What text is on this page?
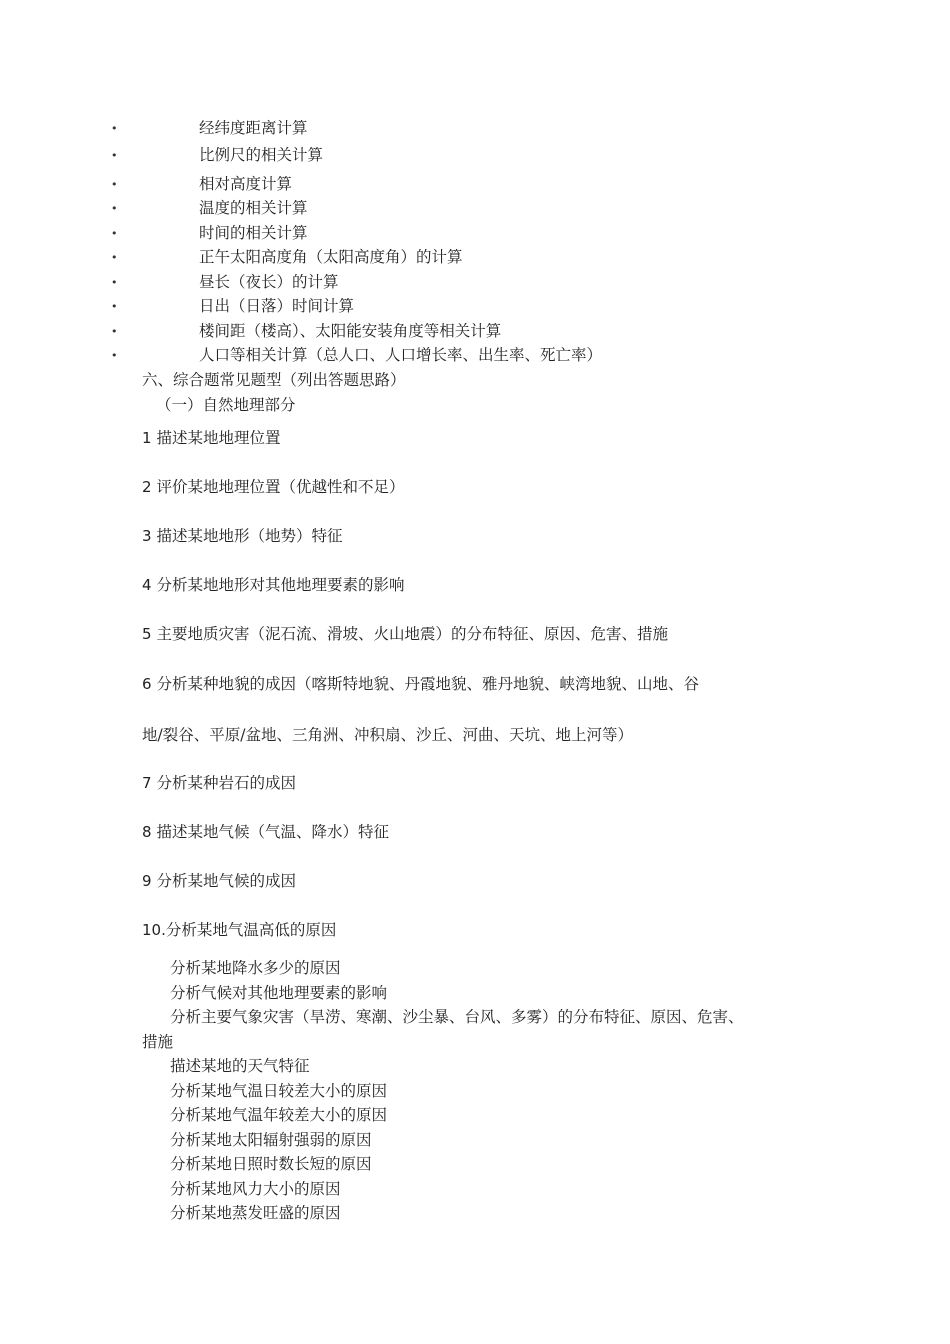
•	经纬度距离计算
•	比例尺的相关计算
•	相对高度计算
•	温度的相关计算
•	时间的相关计算
•	正午太阳高度角（太阳高度角）的计算
•	昼长（夜长）的计算
•	日出（日落）时间计算
•	楼间距（楼高）、太阳能安装角度等相关计算
•	人口等相关计算（总人口、人口增长率、出生率、死亡率）
六、综合题常见题型（列出答题思路）
（一）自然地理部分
1 描述某地地理位置
2 评价某地地理位置（优越性和不足）
3 描述某地地形（地势）特征
4 分析某地地形对其他地理要素的影响
5 主要地质灾害（泥石流、滑坡、火山地震）的分布特征、原因、危害、措施
6 分析某种地貌的成因（喀斯特地貌、丹霞地貌、雅丹地貌、峡湾地貌、山地、谷
地/裂谷、平原/盆地、三角洲、冲积扇、沙丘、河曲、天坑、地上河等）
7 分析某种岩石的成因
8 描述某地气候（气温、降水）特征
9 分析某地气候的成因
10.分析某地气温高低的原因
分析某地降水多少的原因
分析气候对其他地理要素的影响
分析主要气象灾害（旱涝、寒潮、沙尘暴、台风、多雾）的分布特征、原因、危害、
措施
描述某地的天气特征
分析某地气温日较差大小的原因
分析某地气温年较差大小的原因
分析某地太阳辐射强弱的原因
分析某地日照时数长短的原因
分析某地风力大小的原因
分析某地蒸发旺盛的原因
